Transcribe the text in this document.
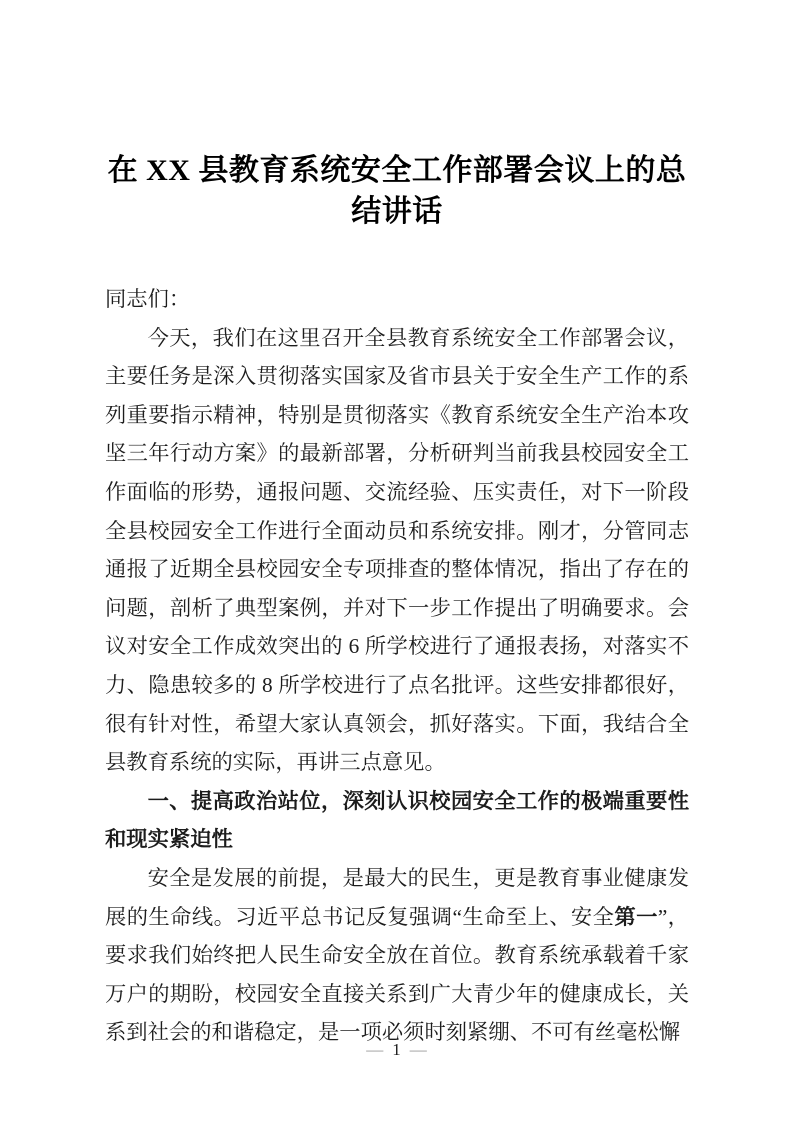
在 XX 县教育系统安全工作部署会议上的总结讲话

同志们：

今天，我们在这里召开全县教育系统安全工作部署会议，主要任务是深入贯彻落实国家及省市县关于安全生产工作的系列重要指示精神，特别是贯彻落实《教育系统安全生产治本攻坚三年行动方案》的最新部署，分析研判当前我县校园安全工作面临的形势，通报问题、交流经验、压实责任，对下一阶段全县校园安全工作进行全面动员和系统安排。刚才，分管同志通报了近期全县校园安全专项排查的整体情况，指出了存在的问题，剖析了典型案例，并对下一步工作提出了明确要求。会议对安全工作成效突出的 6 所学校进行了通报表扬，对落实不力、隐患较多的 8 所学校进行了点名批评。这些安排都很好，很有针对性，希望大家认真领会，抓好落实。下面，我结合全县教育系统的实际，再讲三点意见。

一、提高政治站位，深刻认识校园安全工作的极端重要性和现实紧迫性

安全是发展的前提，是最大的民生，更是教育事业健康发展的生命线。习近平总书记反复强调“生命至上、安全第一”，要求我们始终把人民生命安全放在首位。教育系统承载着千家万户的期盼，校园安全直接关系到广大青少年的健康成长，关系到社会的和谐稳定，是一项必须时刻紧绷、不可有丝毫松懈

— 1 —
